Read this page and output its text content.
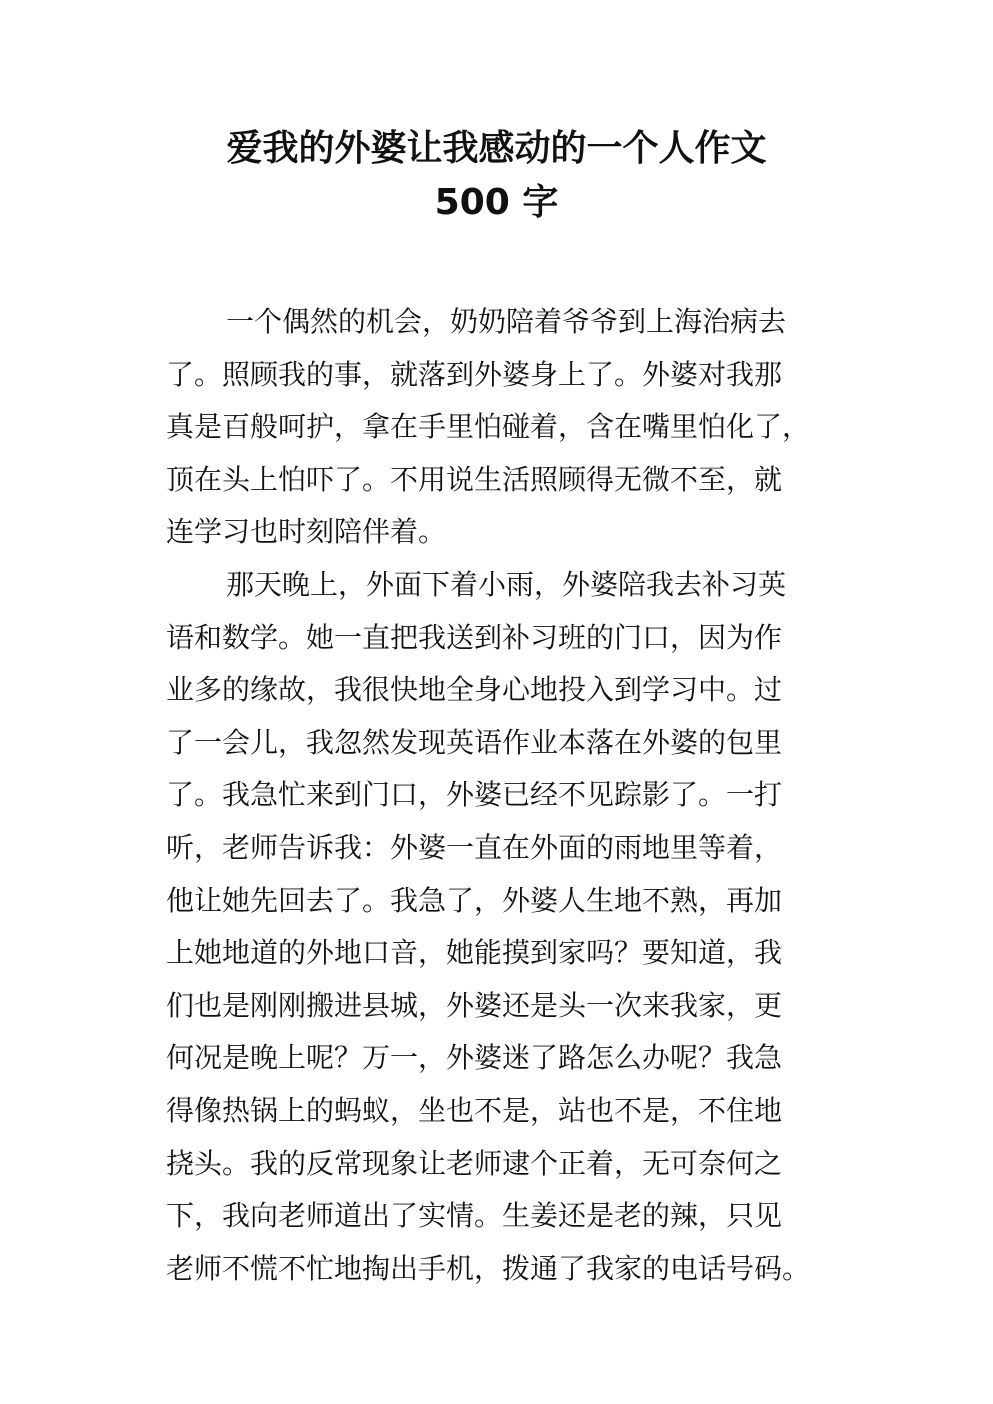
爱我的外婆让我感动的一个人作文
500 字

一个偶然的机会，奶奶陪着爷爷到上海治病去
了。照顾我的事，就落到外婆身上了。外婆对我那
真是百般呵护，拿在手里怕碰着，含在嘴里怕化了，
顶在头上怕吓了。不用说生活照顾得无微不至，就
连学习也时刻陪伴着。

那天晚上，外面下着小雨，外婆陪我去补习英
语和数学。她一直把我送到补习班的门口，因为作
业多的缘故，我很快地全身心地投入到学习中。过
了一会儿，我忽然发现英语作业本落在外婆的包里
了。我急忙来到门口，外婆已经不见踪影了。一打
听，老师告诉我：外婆一直在外面的雨地里等着，
他让她先回去了。我急了，外婆人生地不熟，再加
上她地道的外地口音，她能摸到家吗？要知道，我
们也是刚刚搬进县城，外婆还是头一次来我家，更
何况是晚上呢？万一，外婆迷了路怎么办呢？我急
得像热锅上的蚂蚁，坐也不是，站也不是，不住地
挠头。我的反常现象让老师逮个正着，无可奈何之
下，我向老师道出了实情。生姜还是老的辣，只见
老师不慌不忙地掏出手机，拨通了我家的电话号码。
